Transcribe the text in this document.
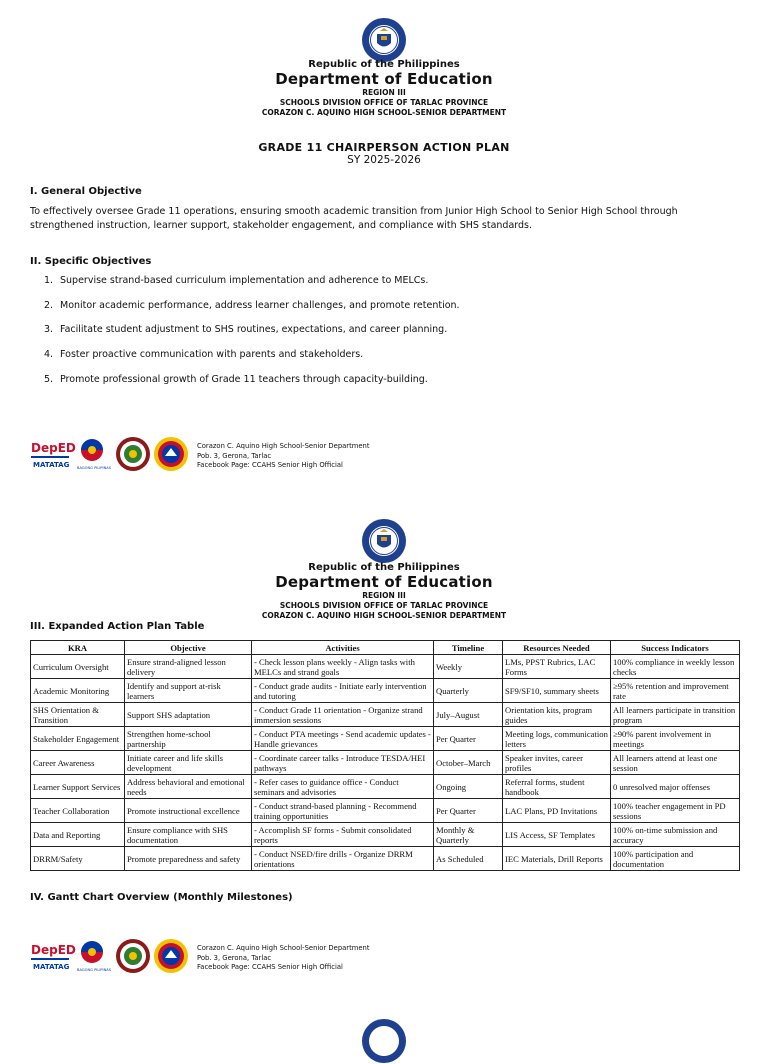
Republic of the Philippines
Department of Education
REGION III
SCHOOLS DIVISION OFFICE OF TARLAC PROVINCE
CORAZON C. AQUINO HIGH SCHOOL-SENIOR DEPARTMENT
GRADE 11 CHAIRPERSON ACTION PLAN
SY 2025-2026
I. General Objective
To effectively oversee Grade 11 operations, ensuring smooth academic transition from Junior High School to Senior High School through strengthened instruction, learner support, stakeholder engagement, and compliance with SHS standards.
II. Specific Objectives
1. Supervise strand-based curriculum implementation and adherence to MELCs.
2. Monitor academic performance, address learner challenges, and promote retention.
3. Facilitate student adjustment to SHS routines, expectations, and career planning.
4. Foster proactive communication with parents and stakeholders.
5. Promote professional growth of Grade 11 teachers through capacity-building.
DepED
MATATAG BAGONG PILIPINAS
Corazon C. Aquino High School-Senior Department
Pob. 3, Gerona, Tarlac
Facebook Page: CCAHS Senior High Official
Republic of the Philippines
Department of Education
REGION III
SCHOOLS DIVISION OFFICE OF TARLAC PROVINCE
CORAZON C. AQUINO HIGH SCHOOL-SENIOR DEPARTMENT
III. Expanded Action Plan Table
KRA	Objective	Activities	Timeline	Resources Needed	Success Indicators
Curriculum Oversight	Ensure strand-aligned lesson delivery	- Check lesson plans weekly - Align tasks with MELCs and strand goals	Weekly	LMs, PPST Rubrics, LAC Forms	100% compliance in weekly lesson checks
Academic Monitoring	Identify and support at-risk learners	- Conduct grade audits - Initiate early intervention and tutoring	Quarterly	SF9/SF10, summary sheets	≥95% retention and improvement rate
SHS Orientation & Transition	Support SHS adaptation	- Conduct Grade 11 orientation - Organize strand immersion sessions	July–August	Orientation kits, program guides	All learners participate in transition program
Stakeholder Engagement	Strengthen home-school partnership	- Conduct PTA meetings - Send academic updates - Handle grievances	Per Quarter	Meeting logs, communication letters	≥90% parent involvement in meetings
Career Awareness	Initiate career and life skills development	- Coordinate career talks - Introduce TESDA/HEI pathways	October–March	Speaker invites, career profiles	All learners attend at least one session
Learner Support Services	Address behavioral and emotional needs	- Refer cases to guidance office - Conduct seminars and advisories	Ongoing	Referral forms, student handbook	0 unresolved major offenses
Teacher Collaboration	Promote instructional excellence	- Conduct strand-based planning - Recommend training opportunities	Per Quarter	LAC Plans, PD Invitations	100% teacher engagement in PD sessions
Data and Reporting	Ensure compliance with SHS documentation	- Accomplish SF forms - Submit consolidated reports	Monthly & Quarterly	LIS Access, SF Templates	100% on-time submission and accuracy
DRRM/Safety	Promote preparedness and safety	- Conduct NSED/fire drills - Organize DRRM orientations	As Scheduled	IEC Materials, Drill Reports	100% participation and documentation
IV. Gantt Chart Overview (Monthly Milestones)
DepED
MATATAG BAGONG PILIPINAS
Corazon C. Aquino High School-Senior Department
Pob. 3, Gerona, Tarlac
Facebook Page: CCAHS Senior High Official
